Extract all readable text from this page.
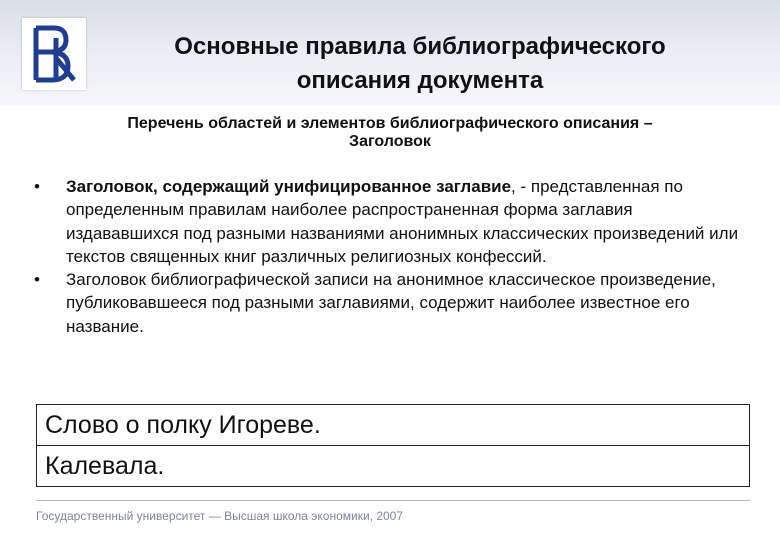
Основные правила библиографического
описания документа
Перечень областей и элементов библиографического описания –
Заголовок
• Заголовок, содержащий унифицированное заглавие, - представленная по определенным правилам наиболее распространенная форма заглавия издававшихся под разными названиями анонимных классических произведений или текстов священных книг различных религиозных конфессий.
• Заголовок библиографической записи на анонимное классическое произведение, публиковавшееся под разными заглавиями, содержит наиболее известное его название.
Слово о полку Игореве.
Калевала.
Государственный университет — Высшая школа экономики, 2007
